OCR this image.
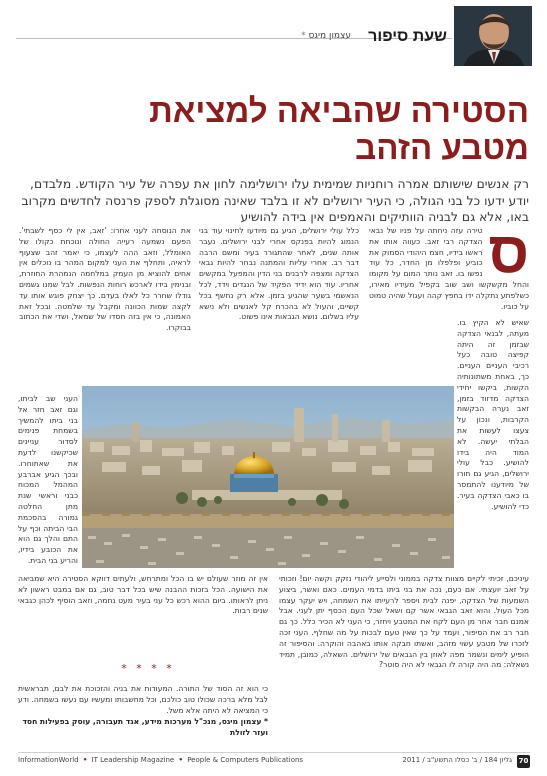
שעת סיפור
עצמון מיגס *
הסטירה שהביאה למציאת
מטבע הזהב

רק אנשים שישותם אמרה רוחניות שמימית עלו ירושלימה לחון את עפרה של עיר הקודש. מלבדם, יודע ידעו כל בני הגולה, כי העיר ירושלים לא זו בלבד שאינה מסוגלת לספק פרנסה לחדשים מקרוב באו, אלא גם לבניה הוותיקים והאמפים אין בידה להושיע

ס

טירה עזה ניחתה על פניו של נבאי הצדקה רבי זאב. כעווה אותו את ראשו בידיו, חצמ היהודי הסמוק את כוביע ופלפלו מן החדר, כל עוד נפשו בו. זאב נותר המום על מקומו והחל מקשקשו ושב שוב בקפיל מעידיו מאירו, כשלפתע נתקלה ידו בחפץ קהה ועגול שהיה טמוט על כוביו.

כלל עולי ירושלים, הגיע גם מיודעו לחינוי עוד בני הנמוג להיות בפנקס אחרי לבני ירושלים. נעבר אותה שנים, לאחר שהתגורר בעיר ומשם הרבה דבר רב. אחרי עליות והמתנה נבחר להיות גבאי הצדקה ומצפה לרבנים בני הדין והמפעל במקשים אחריו. עוד הוא ידיד הפקיד של הנגדים וידד, לכל הנאשמי בשער שהגיע בזמן. אלא רק נחשף בכל קשיים, והעול לא בהכרח קל לאנשים ולא נישא עליו בשלום. נושא הגבאות אינו פשוט.

את הנוסחה לעני אחרו: 'זאב, אין לי כסף לשבתי'. הפעם נשמעה רעייה החולה ונוכחת כקולו של האומלל, וזאב ההה לעצמו, כי יאמר זהב שצעוף לראיה, ותחלף את העני למקום המהר בו נוכלים אין אחים להוציא מן העמק במלחמה הנמהרת החוזרת, ובנימין בידו לארכש רוחות הנפשות. לבל שמנו גשמים גודלו שחרר כל לאלו בעדם. כך יצחק פוגש אותו עד לקצה שמות הכוונה ומקבל עד שלמטה. ובכל זאת האמונה, כי אין בזה חסדו של שמאל, ושדי את הכתוב בבוקרו.

שאיש לא הקיץ בו. מעתה, לבנאי הצדקה שבזמן זה היתה קפיצה טובה כעל רכיבי העניים העניים. כך, באחת משתונותיה הקשות, ביקשו יחידי הצדקה מדזוד בזמן, זאב נערה הבקשות הקרבות, ונכון על צעצו לעשות את הבלתי יעשה. לא המוד היה בידו להושיע. כבל עולי ירושלים, הגיע גם חורו של מיודענו להתמסר בו כאבי הצדקה בעיר. כדי להושיע.

העני שב לביתו, וגם זאב חזר אל בני ביתו להמשיך בשמחת פנימים לסדור עניינים שכיקשנו לדעת את שאתוחרו. ובכך הגיע אברבע המהמל המכוח כבני וראשי שנת מתן החלטה גמורה בהסכמת הבי הביתה וכף על התם והלך גם הוא את הכובע בידיו, והריע בני הבית.

עיניכם, זכיתי לקיים מצוות צדקה בממוני ולסייע ליהודי נזקק וקשה יום! וזכותי על זאב יועצתי. אם כעם, נכה את בני ביתו בדמי העמים. כאם ואשר, ביצוע השמעות של הצדקה, יפנה לבית ויספר לרעייתו את השמחה, ויש יעקר עצמו מכל העול. והוא זאב הגבאי אשר קם ושאל שכל העם הכסף יתן לעני. אבל אמנם חבר אחר מן העם לקח את המטבע ויחזר, כי העני לא הכיר כלל. כך גם חבר רב את הסיפור, ועמד על כך שאין טעם לבכות על מה שחלף. העני זכה לזכרו של מטבע עשוי מזהב, ואשתו חבקה אותו באהבה והוקרה. והסיפור זה הופיע לימים ונשמר מפה לאוזן בין הגבאים של ירושלים. השאלה, כמובן, תמיד נשאלה: מה היה קורה לו הגבאי לא היה סוטר?

אין זה מוזר שעולם יש בו הכל ומתרחש, ולעתים דווקא הסטירה היא שמביאה את הישועה. הכל בזכות ההבנה שיש בכל דבר טוב, גם אם במבט ראשון לא ניתן לראותו. ביום ההוא רכש כל עני בעיר מעט נחמה, וזאב הוסיף לכהן כגבאי שנים רבות.

* * * *
כי הוא זה הסוד של התורה. המעודות את בניה והזכוכת את לבם, תבראשית לבל מלא ברכה שכולו טוב כולכם, וכל מחשבותו ומעשיו עם נעשו בשמחה. ודע כי המציאה לא היתה אלא משל.
* עצמון מיגס, מנכ"ל מערכות מידע, אגד תעבורה, עוסק בפעילות חסד ועזר לזולת
70
גליון 184 / ב' כסלו התשע"ב / 2011
InformationWorld • IT Leadership Magazine • People & Computers Publications
